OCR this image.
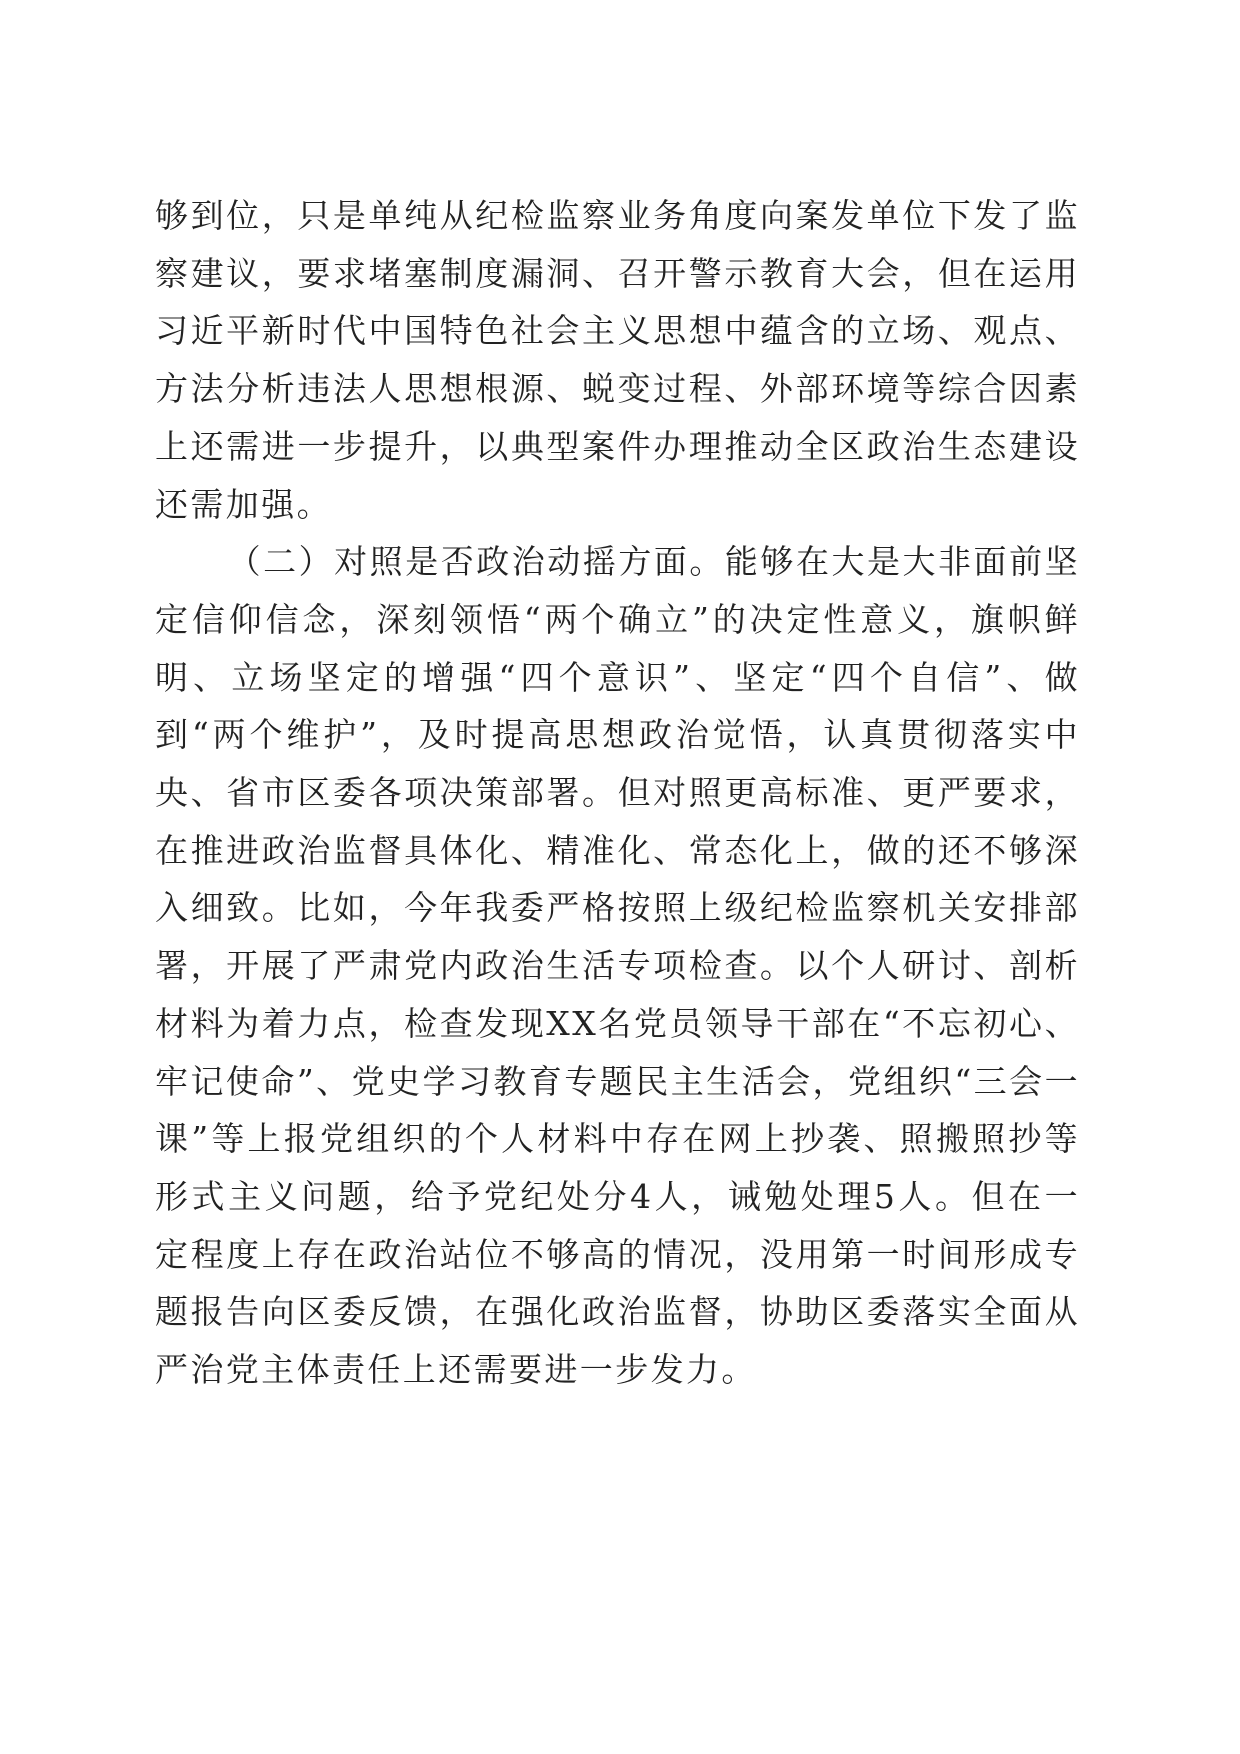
够到位，只是单纯从纪检监察业务角度向案发单位下发了监察建议，要求堵塞制度漏洞、召开警示教育大会，但在运用习近平新时代中国特色社会主义思想中蕴含的立场、观点、方法分析违法人思想根源、蜕变过程、外部环境等综合因素上还需进一步提升，以典型案件办理推动全区政治生态建设还需加强。

（二）对照是否政治动摇方面。能够在大是大非面前坚定信仰信念，深刻领悟“两个确立”的决定性意义，旗帜鲜明、立场坚定的增强“四个意识”、坚定“四个自信”、做到“两个维护”，及时提高思想政治觉悟，认真贯彻落实中央、省市区委各项决策部署。但对照更高标准、更严要求，在推进政治监督具体化、精准化、常态化上，做的还不够深入细致。比如，今年我委严格按照上级纪检监察机关安排部署，开展了严肃党内政治生活专项检查。以个人研讨、剖析材料为着力点，检查发现XX名党员领导干部在“不忘初心、牢记使命”、党史学习教育专题民主生活会，党组织“三会一课”等上报党组织的个人材料中存在网上抄袭、照搬照抄等形式主义问题，给予党纪处分4人，诫勉处理5人。但在一定程度上存在政治站位不够高的情况，没用第一时间形成专题报告向区委反馈，在强化政治监督，协助区委落实全面从严治党主体责任上还需要进一步发力。
